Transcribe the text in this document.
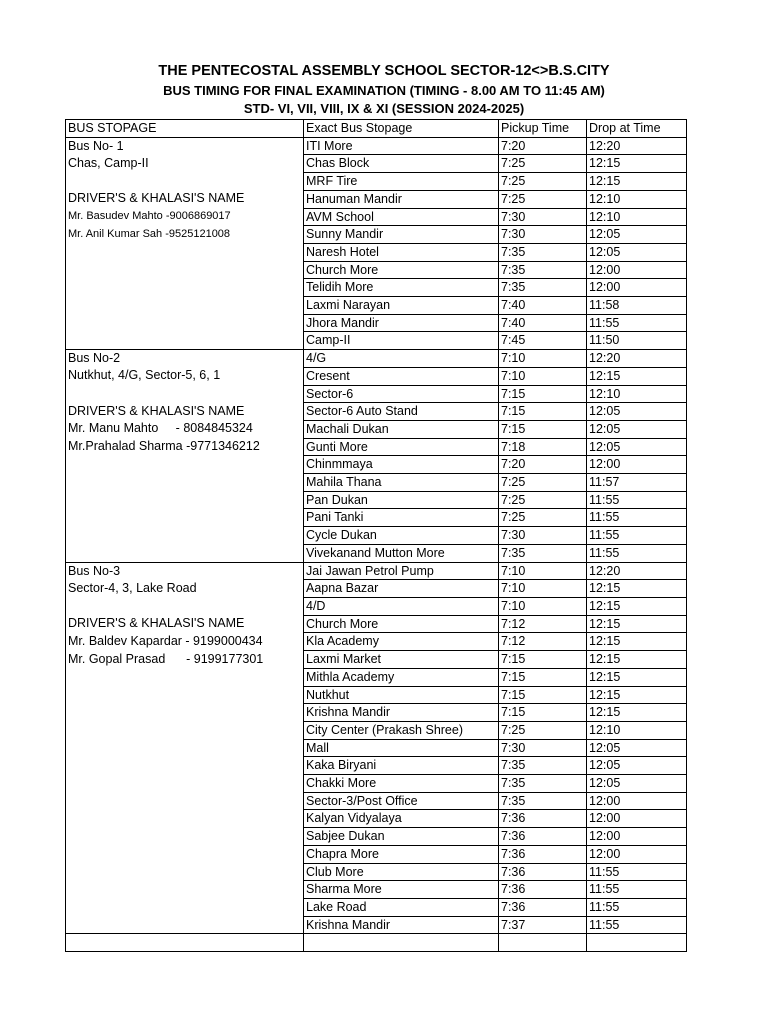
THE PENTECOSTAL ASSEMBLY SCHOOL SECTOR-12<>B.S.CITY
BUS TIMING FOR FINAL EXAMINATION (TIMING - 8.00 AM TO 11:45 AM)
STD- VI, VII, VIII, IX & XI (SESSION 2024-2025)
BUS STOPAGE	Exact Bus Stopage	Pickup Time	Drop at Time
Bus No- 1	ITI More	7:20	12:20
Chas, Camp-II	Chas Block	7:25	12:15
	MRF Tire	7:25	12:15
DRIVER'S & KHALASI'S NAME	Hanuman Mandir	7:25	12:10
Mr. Basudev Mahto -9006869017	AVM School	7:30	12:10
Mr. Anil Kumar Sah -9525121008	Sunny Mandir	7:30	12:05
	Naresh Hotel	7:35	12:05
	Church More	7:35	12:00
	Telidih More	7:35	12:00
	Laxmi Narayan	7:40	11:58
	Jhora Mandir	7:40	11:55
	Camp-II	7:45	11:50
Bus No-2	4/G	7:10	12:20
Nutkhut, 4/G, Sector-5, 6, 1	Cresent	7:10	12:15
	Sector-6	7:15	12:10
DRIVER'S & KHALASI'S NAME	Sector-6 Auto Stand	7:15	12:05
Mr. Manu Mahto     - 8084845324	Machali Dukan	7:15	12:05
Mr.Prahalad Sharma -9771346212	Gunti More	7:18	12:05
	Chinmmaya	7:20	12:00
	Mahila Thana	7:25	11:57
	Pan Dukan	7:25	11:55
	Pani Tanki	7:25	11:55
	Cycle Dukan	7:30	11:55
	Vivekanand Mutton More	7:35	11:55
Bus No-3	Jai Jawan Petrol Pump	7:10	12:20
Sector-4, 3, Lake Road	Aapna Bazar	7:10	12:15
	4/D	7:10	12:15
DRIVER'S & KHALASI'S NAME	Church More	7:12	12:15
Mr. Baldev Kapardar - 9199000434	Kla Academy	7:12	12:15
Mr. Gopal Prasad      - 9199177301	Laxmi Market	7:15	12:15
	Mithla Academy	7:15	12:15
	Nutkhut	7:15	12:15
	Krishna Mandir	7:15	12:15
	City Center (Prakash Shree)	7:25	12:10
	Mall	7:30	12:05
	Kaka Biryani	7:35	12:05
	Chakki More	7:35	12:05
	Sector-3/Post Office	7:35	12:00
	Kalyan Vidyalaya	7:36	12:00
	Sabjee Dukan	7:36	12:00
	Chapra More	7:36	12:00
	Club More	7:36	11:55
	Sharma More	7:36	11:55
	Lake Road	7:36	11:55
	Krishna Mandir	7:37	11:55
